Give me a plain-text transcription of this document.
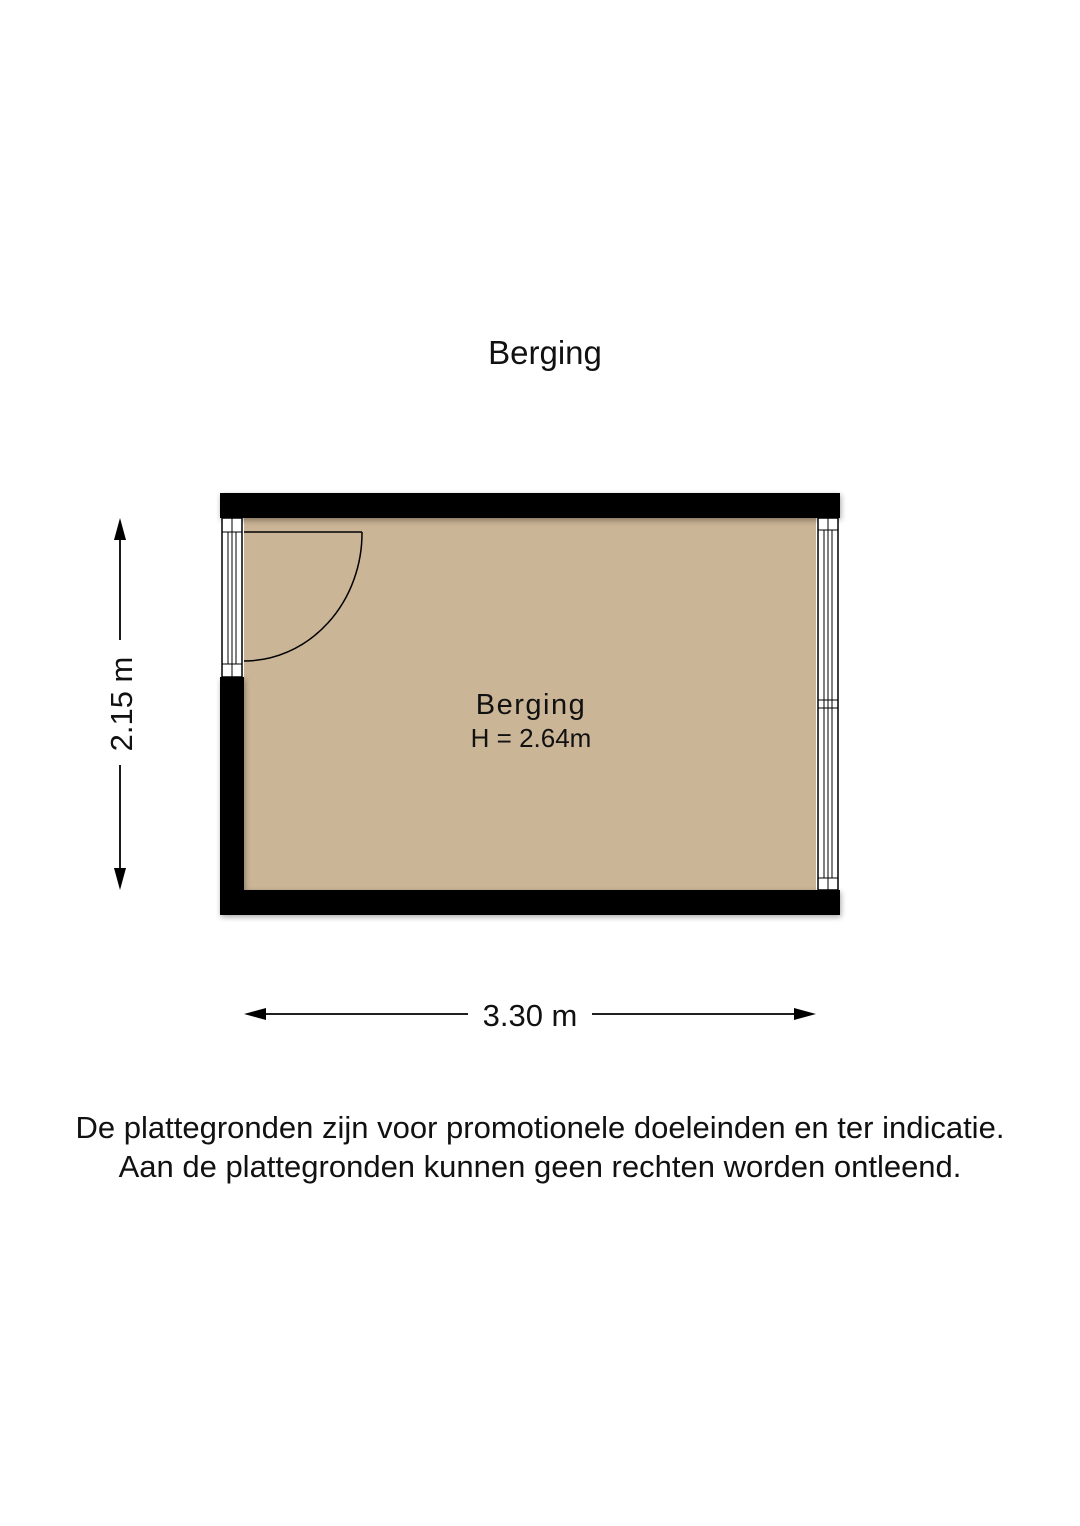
Berging
Berging
H = 2.64m
2.15 m
3.30 m
De plattegronden zijn voor promotionele doeleinden en ter indicatie.
Aan de plattegronden kunnen geen rechten worden ontleend.
